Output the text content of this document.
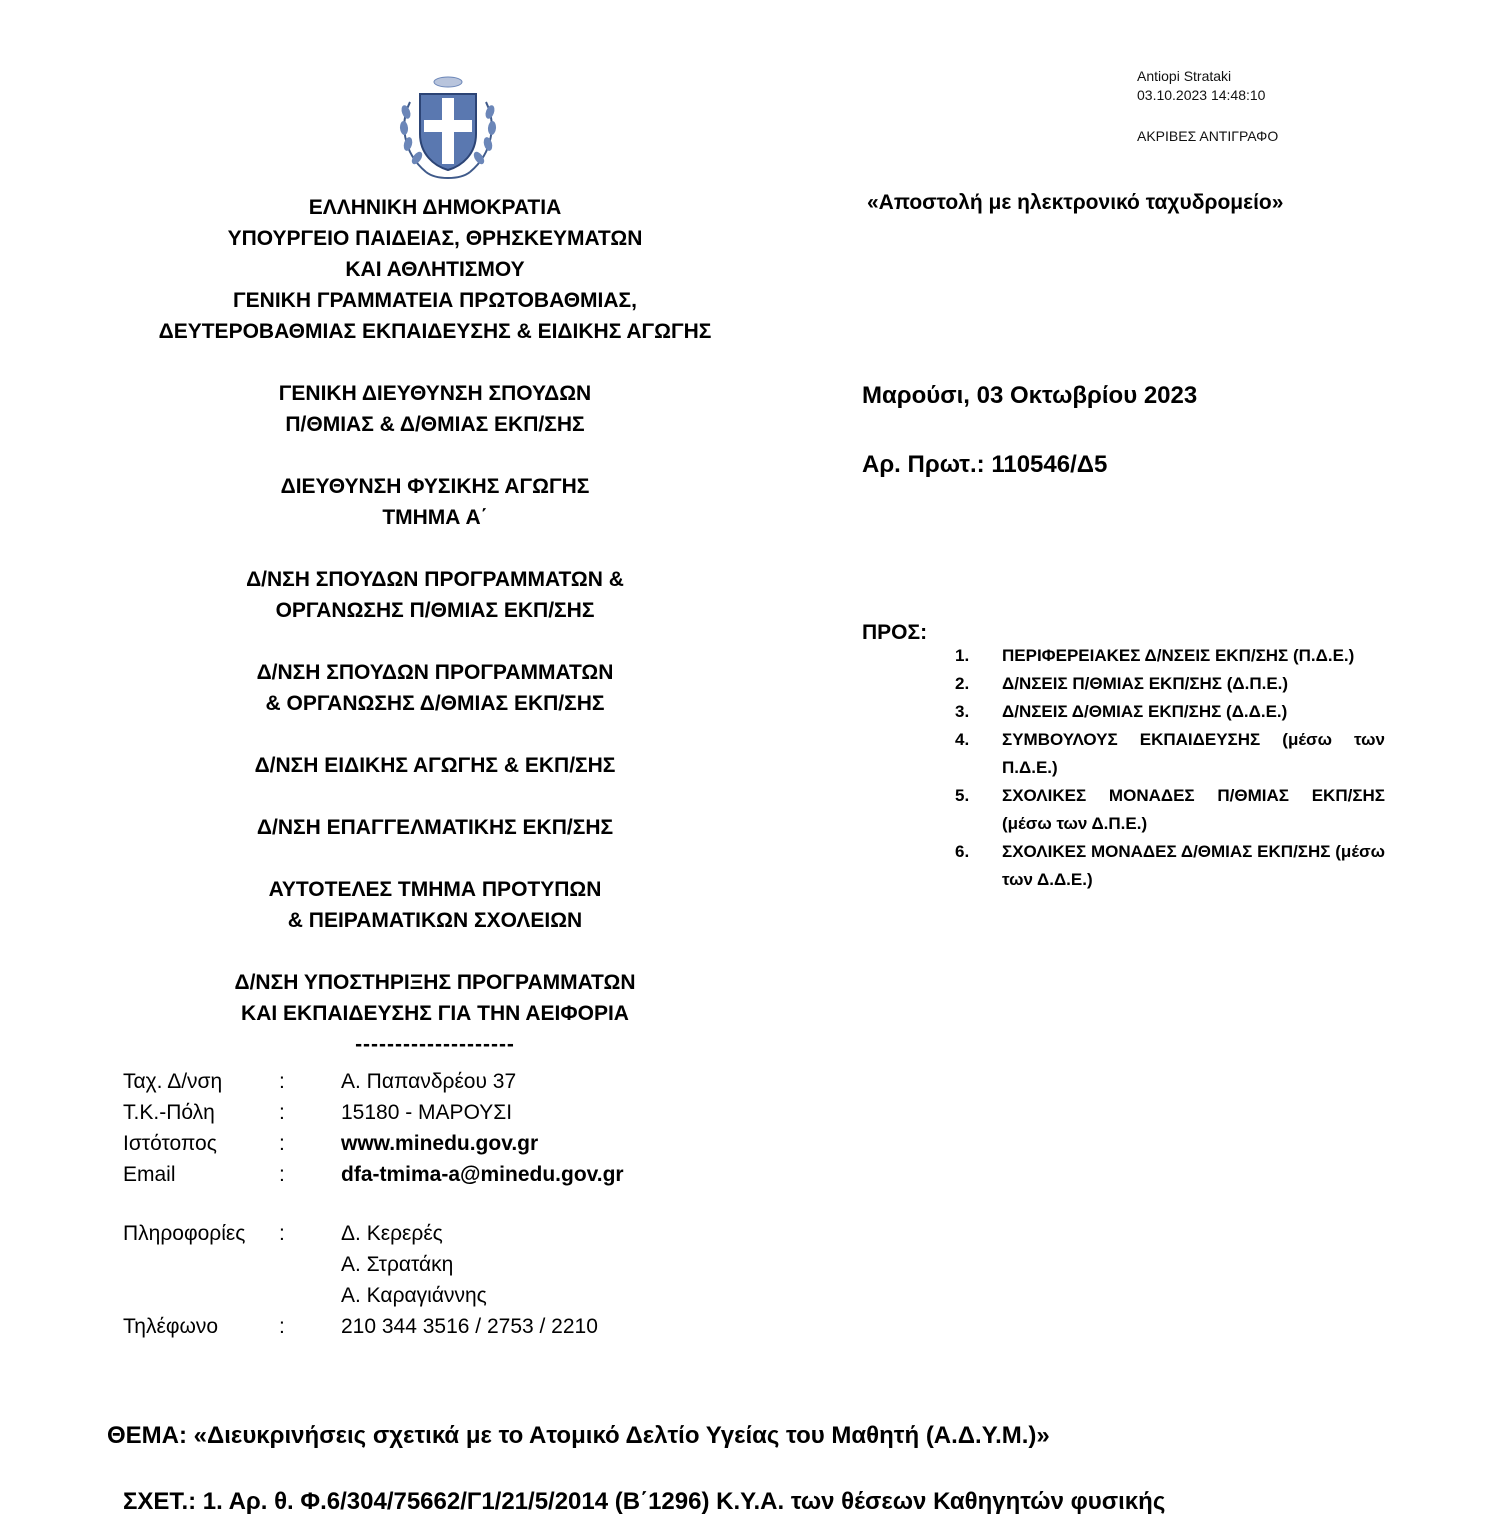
Antiopi Strataki
03.10.2023 14:48:10
ΑΚΡΙΒΕΣ ΑΝΤΙΓΡΑΦΟ
ΕΛΛΗΝΙΚΗ ΔΗΜΟΚΡΑΤΙΑ
ΥΠΟΥΡΓΕΙΟ ΠΑΙΔΕΙΑΣ, ΘΡΗΣΚΕΥΜΑΤΩΝ
ΚΑΙ ΑΘΛΗΤΙΣΜΟΥ
ΓΕΝΙΚΗ ΓΡΑΜΜΑΤΕΙΑ ΠΡΩΤΟΒΑΘΜΙΑΣ,
ΔΕΥΤΕΡΟΒΑΘΜΙΑΣ ΕΚΠΑΙΔΕΥΣΗΣ & ΕΙΔΙΚΗΣ ΑΓΩΓΗΣ
ΓΕΝΙΚΗ ΔΙΕΥΘΥΝΣΗ ΣΠΟΥΔΩΝ
Π/ΘΜΙΑΣ & Δ/ΘΜΙΑΣ ΕΚΠ/ΣΗΣ
ΔΙΕΥΘΥΝΣΗ ΦΥΣΙΚΗΣ ΑΓΩΓΗΣ
ΤΜΗΜΑ Α΄
Δ/ΝΣΗ ΣΠΟΥΔΩΝ ΠΡΟΓΡΑΜΜΑΤΩΝ &
ΟΡΓΑΝΩΣΗΣ Π/ΘΜΙΑΣ ΕΚΠ/ΣΗΣ
Δ/ΝΣΗ ΣΠΟΥΔΩΝ ΠΡΟΓΡΑΜΜΑΤΩΝ
& ΟΡΓΑΝΩΣΗΣ Δ/ΘΜΙΑΣ ΕΚΠ/ΣΗΣ
Δ/ΝΣΗ ΕΙΔΙΚΗΣ ΑΓΩΓΗΣ & ΕΚΠ/ΣΗΣ
Δ/ΝΣΗ ΕΠΑΓΓΕΛΜΑΤΙΚΗΣ ΕΚΠ/ΣΗΣ
ΑΥΤΟΤΕΛΕΣ ΤΜΗΜΑ ΠΡΟΤΥΠΩΝ
& ΠΕΙΡΑΜΑΤΙΚΩΝ ΣΧΟΛΕΙΩΝ
Δ/ΝΣΗ ΥΠΟΣΤΗΡΙΞΗΣ ΠΡΟΓΡΑΜΜΑΤΩΝ
ΚΑΙ ΕΚΠΑΙΔΕΥΣΗΣ ΓΙΑ ΤΗΝ ΑΕΙΦΟΡΙΑ
--------------------
«Αποστολή με ηλεκτρονικό ταχυδρομείο»
Μαρούσι, 03 Οκτωβρίου 2023
Αρ. Πρωτ.: 110546/Δ5
ΠΡΟΣ:
1.	ΠΕΡΙΦΕΡΕΙΑΚΕΣ Δ/ΝΣΕΙΣ ΕΚΠ/ΣΗΣ (Π.Δ.Ε.)
2.	Δ/ΝΣΕΙΣ Π/ΘΜΙΑΣ ΕΚΠ/ΣΗΣ (Δ.Π.Ε.)
3.	Δ/ΝΣΕΙΣ Δ/ΘΜΙΑΣ ΕΚΠ/ΣΗΣ (Δ.Δ.Ε.)
4.	ΣΥΜΒΟΥΛΟΥΣ ΕΚΠΑΙΔΕΥΣΗΣ (μέσω των Π.Δ.Ε.)
5.	ΣΧΟΛΙΚΕΣ ΜΟΝΑΔΕΣ Π/ΘΜΙΑΣ ΕΚΠ/ΣΗΣ (μέσω των Δ.Π.Ε.)
6.	ΣΧΟΛΙΚΕΣ ΜΟΝΑΔΕΣ Δ/ΘΜΙΑΣ ΕΚΠ/ΣΗΣ (μέσω των Δ.Δ.Ε.)
Ταχ. Δ/νση	:	Α. Παπανδρέου 37
Τ.Κ.-Πόλη	:	15180 - ΜΑΡΟΥΣΙ
Ιστότοπος	:	www.minedu.gov.gr
Email	:	dfa-tmima-a@minedu.gov.gr
Πληροφορίες	:	Δ. Κερερές
Α. Στρατάκη
Α. Καραγιάννης
Τηλέφωνο	:	210 344 3516 / 2753 / 2210
ΘΕΜΑ: «Διευκρινήσεις σχετικά με το Ατομικό Δελτίο Υγείας του Μαθητή (Α.Δ.Υ.Μ.)»
ΣΧΕΤ.: 1. Αρ. θ. Φ.6/304/75662/Γ1/21/5/2014 (Β΄1296) Κ.Υ.Α. των θέσεων Καθηγητών φυσικής
